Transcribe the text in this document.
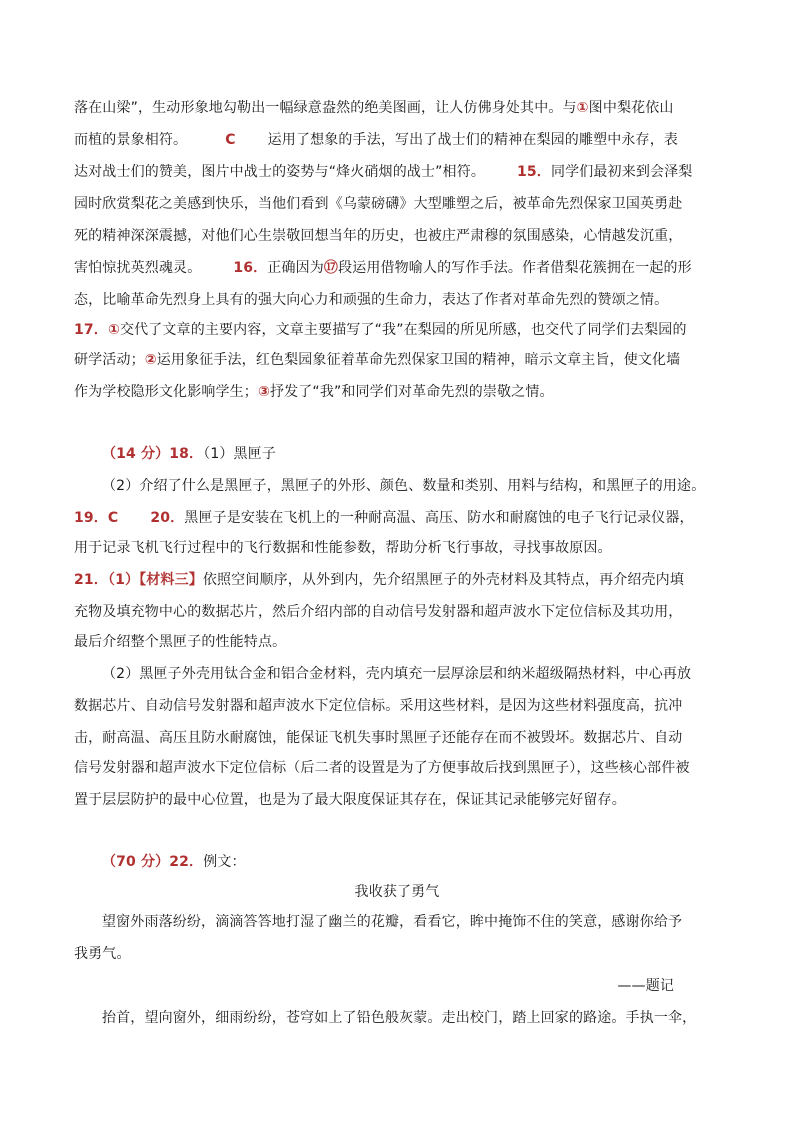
落在山梁”，生动形象地勾勒出一幅绿意盎然的绝美图画，让人仿佛身处其中。与①图中梨花依山
而植的景象相符。	C 运用了想象的手法，写出了战士们的精神在梨园的雕塑中永存，表
达对战士们的赞美，图片中战士的姿势与“烽火硝烟的战士”相符。 15．同学们最初来到会泽梨
园时欣赏梨花之美感到快乐，当他们看到《乌蒙磅礴》大型雕塑之后，被革命先烈保家卫国英勇赴
死的精神深深震撼，对他们心生崇敬回想当年的历史，也被庄严肃穆的氛围感染，心情越发沉重，
害怕惊扰英烈魂灵。 16．正确因为⑰段运用借物喻人的写作手法。作者借梨花簇拥在一起的形
态，比喻革命先烈身上具有的强大向心力和顽强的生命力，表达了作者对革命先烈的赞颂之情。
17．①交代了文章的主要内容，文章主要描写了“我”在梨园的所见所感，也交代了同学们去梨园的
研学活动；②运用象征手法，红色梨园象征着革命先烈保家卫国的精神，暗示文章主旨，使文化墙
作为学校隐形文化影响学生；③抒发了“我”和同学们对革命先烈的崇敬之情。
（14 分）18．（1）黑匣子
（2）介绍了什么是黑匣子，黑匣子的外形、颜色、数量和类别、用料与结构，和黑匣子的用途。
19．C 20．黑匣子是安装在飞机上的一种耐高温、高压、防水和耐腐蚀的电子飞行记录仪器，
用于记录飞机飞行过程中的飞行数据和性能参数，帮助分析飞行事故，寻找事故原因。
21．（1）【材料三】依照空间顺序，从外到内，先介绍黑匣子的外壳材料及其特点，再介绍壳内填
充物及填充物中心的数据芯片，然后介绍内部的自动信号发射器和超声波水下定位信标及其功用，
最后介绍整个黑匣子的性能特点。
（2）黑匣子外壳用钛合金和铝合金材料，壳内填充一层厚涂层和纳米超级隔热材料，中心再放
数据芯片、自动信号发射器和超声波水下定位信标。采用这些材料，是因为这些材料强度高，抗冲
击，耐高温、高压且防水耐腐蚀，能保证飞机失事时黑匣子还能存在而不被毁坏。数据芯片、自动
信号发射器和超声波水下定位信标（后二者的设置是为了方便事故后找到黑匣子），这些核心部件被
置于层层防护的最中心位置，也是为了最大限度保证其存在，保证其记录能够完好留存。
（70 分）22．例文：
我收获了勇气
望窗外雨落纷纷，滴滴答答地打湿了幽兰的花瓣，看看它，眸中掩饰不住的笑意，感谢你给予
我勇气。
——题记
抬首，望向窗外，细雨纷纷，苍穹如上了铅色般灰蒙。走出校门，踏上回家的路途。手执一伞，
